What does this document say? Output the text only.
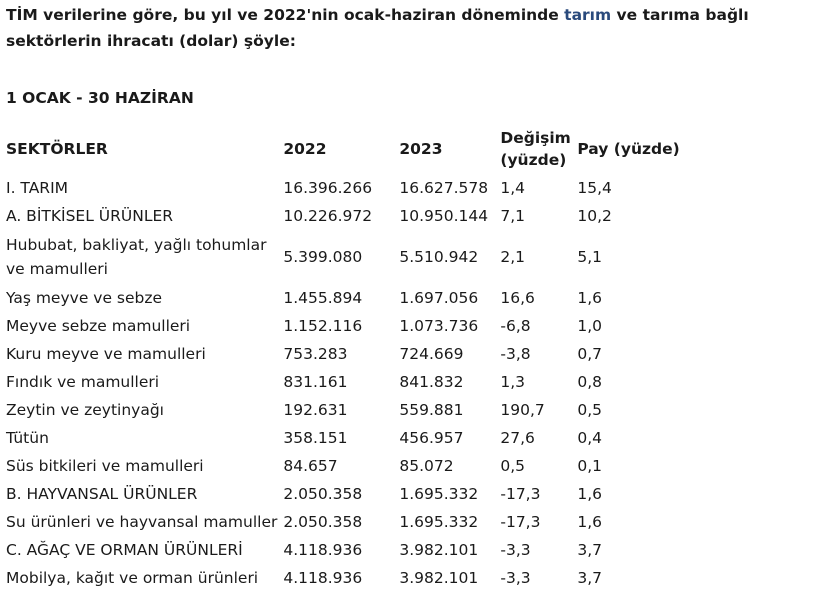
TİM verilerine göre, bu yıl ve 2022'nin ocak-haziran döneminde tarım ve tarıma bağlı sektörlerin ihracatı (dolar) şöyle:

1 OCAK - 30 HAZİRAN

SEKTÖRLER	2022	2023	Değişim (yüzde)	Pay (yüzde)
I. TARIM	16.396.266	16.627.578	1,4	15,4
A. BİTKİSEL ÜRÜNLER	10.226.972	10.950.144	7,1	10,2
Hububat, bakliyat, yağlı tohumlar ve mamulleri	5.399.080	5.510.942	2,1	5,1
Yaş meyve ve sebze	1.455.894	1.697.056	16,6	1,6
Meyve sebze mamulleri	1.152.116	1.073.736	-6,8	1,0
Kuru meyve ve mamulleri	753.283	724.669	-3,8	0,7
Fındık ve mamulleri	831.161	841.832	1,3	0,8
Zeytin ve zeytinyağı	192.631	559.881	190,7	0,5
Tütün	358.151	456.957	27,6	0,4
Süs bitkileri ve mamulleri	84.657	85.072	0,5	0,1
B. HAYVANSAL ÜRÜNLER	2.050.358	1.695.332	-17,3	1,6
Su ürünleri ve hayvansal mamuller	2.050.358	1.695.332	-17,3	1,6
C. AĞAÇ VE ORMAN ÜRÜNLERİ	4.118.936	3.982.101	-3,3	3,7
Mobilya, kağıt ve orman ürünleri	4.118.936	3.982.101	-3,3	3,7
